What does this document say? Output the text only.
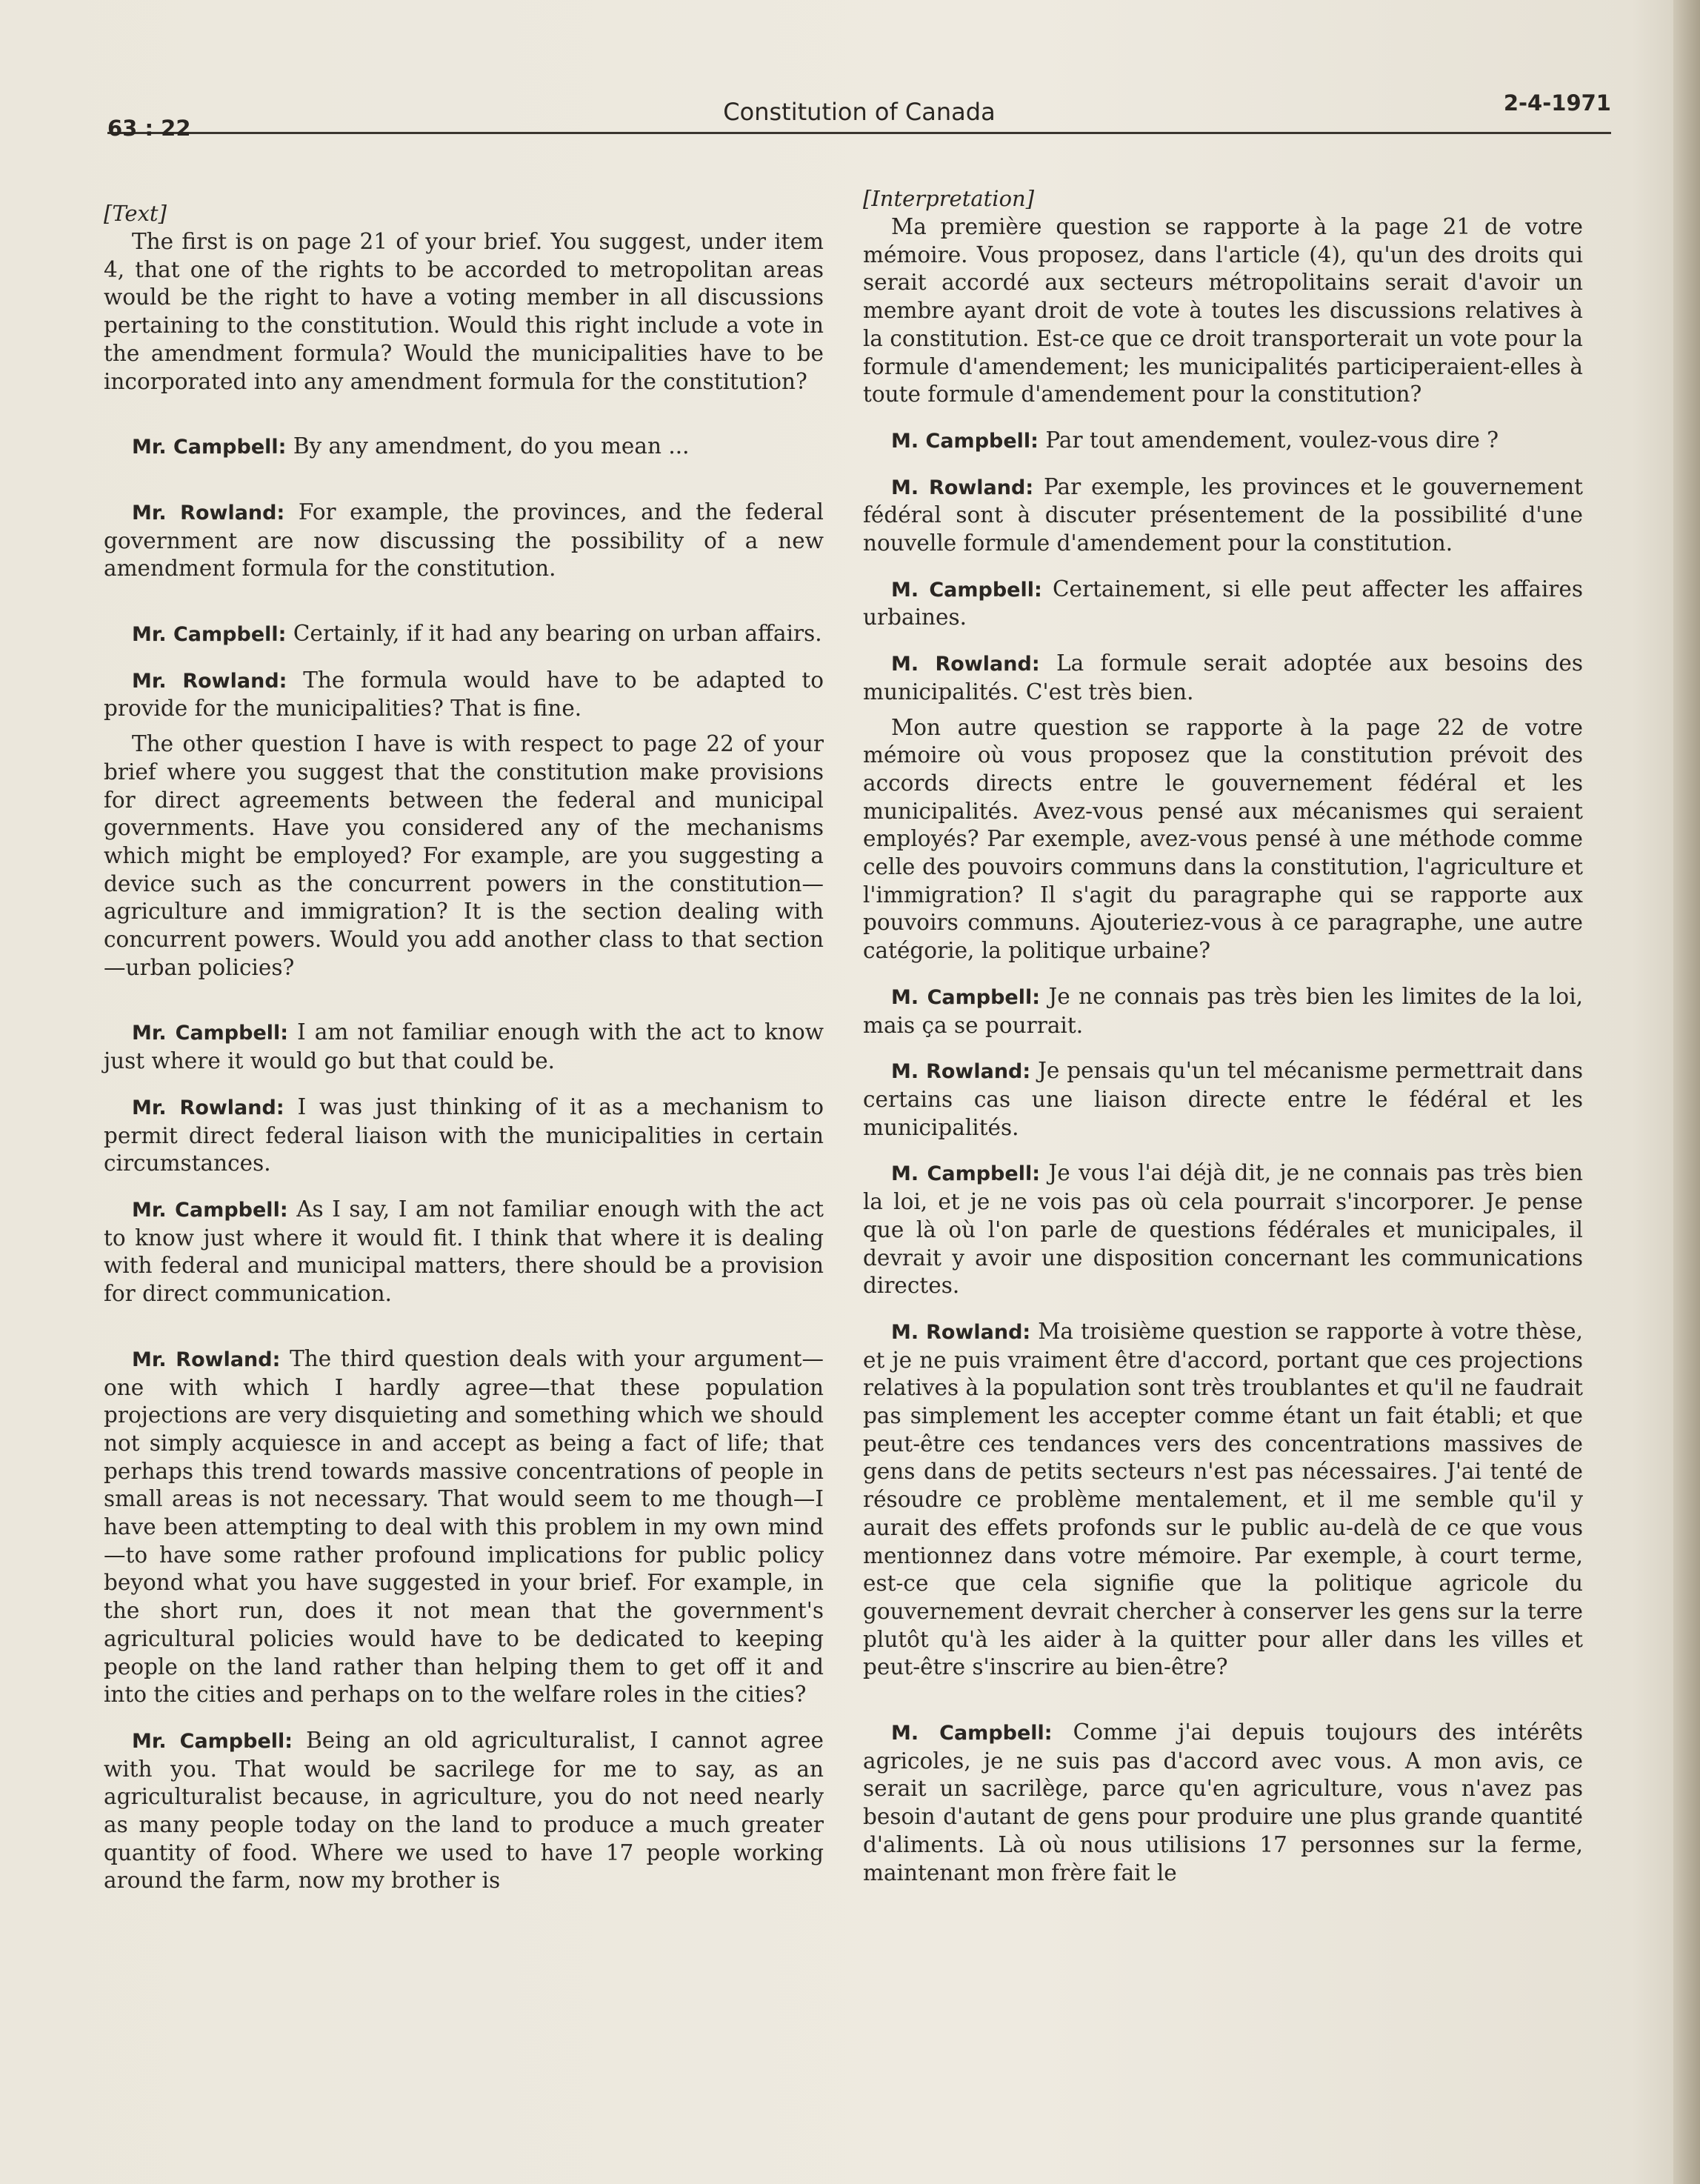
63 : 22
Constitution of Canada	2-4-1971
[Text]

The first is on page 21 of your brief. You suggest, under item 4, that one of the rights to be accorded to metropolitan areas would be the right to have a voting member in all discussions pertaining to the constitution. Would this right include a vote in the amendment formula? Would the municipalities have to be incorporated into any amendment formula for the constitution?

Mr. Campbell: By any amendment, do you mean ...

Mr. Rowland: For example, the provinces, and the federal government are now discussing the possibility of a new amendment formula for the constitution.

Mr. Campbell: Certainly, if it had any bearing on urban affairs.

Mr. Rowland: The formula would have to be adapted to provide for the municipalities? That is fine.

The other question I have is with respect to page 22 of your brief where you suggest that the constitution make provisions for direct agreements between the federal and municipal governments. Have you considered any of the mechanisms which might be employed? For example, are you suggesting a device such as the concurrent powers in the constitution—agriculture and immigration? It is the section dealing with concurrent powers. Would you add another class to that section—urban policies?

Mr. Campbell: I am not familiar enough with the act to know just where it would go but that could be.

Mr. Rowland: I was just thinking of it as a mechanism to permit direct federal liaison with the municipalities in certain circumstances.

Mr. Campbell: As I say, I am not familiar enough with the act to know just where it would fit. I think that where it is dealing with federal and municipal matters, there should be a provision for direct communication.

Mr. Rowland: The third question deals with your argument—one with which I hardly agree—that these population projections are very disquieting and something which we should not simply acquiesce in and accept as being a fact of life; that perhaps this trend towards massive concentrations of people in small areas is not necessary. That would seem to me though—I have been attempting to deal with this problem in my own mind—to have some rather profound implications for public policy beyond what you have suggested in your brief. For example, in the short run, does it not mean that the government's agricultural policies would have to be dedicated to keeping people on the land rather than helping them to get off it and into the cities and perhaps on to the welfare roles in the cities?

Mr. Campbell: Being an old agriculturalist, I cannot agree with you. That would be sacrilege for me to say, as an agriculturalist because, in agriculture, you do not need nearly as many people today on the land to produce a much greater quantity of food. Where we used to have 17 people working around the farm, now my brother is

[Interpretation]

Ma première question se rapporte à la page 21 de votre mémoire. Vous proposez, dans l'article (4), qu'un des droits qui serait accordé aux secteurs métropolitains serait d'avoir un membre ayant droit de vote à toutes les discussions relatives à la constitution. Est-ce que ce droit transporterait un vote pour la formule d'amendement; les municipalités participeraient-elles à toute formule d'amendement pour la constitution?

M. Campbell: Par tout amendement, voulez-vous dire ?

M. Rowland: Par exemple, les provinces et le gouvernement fédéral sont à discuter présentement de la possibilité d'une nouvelle formule d'amendement pour la constitution.

M. Campbell: Certainement, si elle peut affecter les affaires urbaines.

M. Rowland: La formule serait adoptée aux besoins des municipalités. C'est très bien.

Mon autre question se rapporte à la page 22 de votre mémoire où vous proposez que la constitution prévoit des accords directs entre le gouvernement fédéral et les municipalités. Avez-vous pensé aux mécanismes qui seraient employés? Par exemple, avez-vous pensé à une méthode comme celle des pouvoirs communs dans la constitution, l'agriculture et l'immigration? Il s'agit du paragraphe qui se rapporte aux pouvoirs communs. Ajouteriez-vous à ce paragraphe, une autre catégorie, la politique urbaine?

M. Campbell: Je ne connais pas très bien les limites de la loi, mais ça se pourrait.

M. Rowland: Je pensais qu'un tel mécanisme permettrait dans certains cas une liaison directe entre le fédéral et les municipalités.

M. Campbell: Je vous l'ai déjà dit, je ne connais pas très bien la loi, et je ne vois pas où cela pourrait s'incorporer. Je pense que là où l'on parle de questions fédérales et municipales, il devrait y avoir une disposition concernant les communications directes.

M. Rowland: Ma troisième question se rapporte à votre thèse, et je ne puis vraiment être d'accord, portant que ces projections relatives à la population sont très troublantes et qu'il ne faudrait pas simplement les accepter comme étant un fait établi; et que peut-être ces tendances vers des concentrations massives de gens dans de petits secteurs n'est pas nécessaires. J'ai tenté de résoudre ce problème mentalement, et il me semble qu'il y aurait des effets profonds sur le public au-delà de ce que vous mentionnez dans votre mémoire. Par exemple, à court terme, est-ce que cela signifie que la politique agricole du gouvernement devrait chercher à conserver les gens sur la terre plutôt qu'à les aider à la quitter pour aller dans les villes et peut-être s'inscrire au bien-être?

M. Campbell: Comme j'ai depuis toujours des intérêts agricoles, je ne suis pas d'accord avec vous. A mon avis, ce serait un sacrilège, parce qu'en agriculture, vous n'avez pas besoin d'autant de gens pour produire une plus grande quantité d'aliments. Là où nous utilisions 17 personnes sur la ferme, maintenant mon frère fait le
